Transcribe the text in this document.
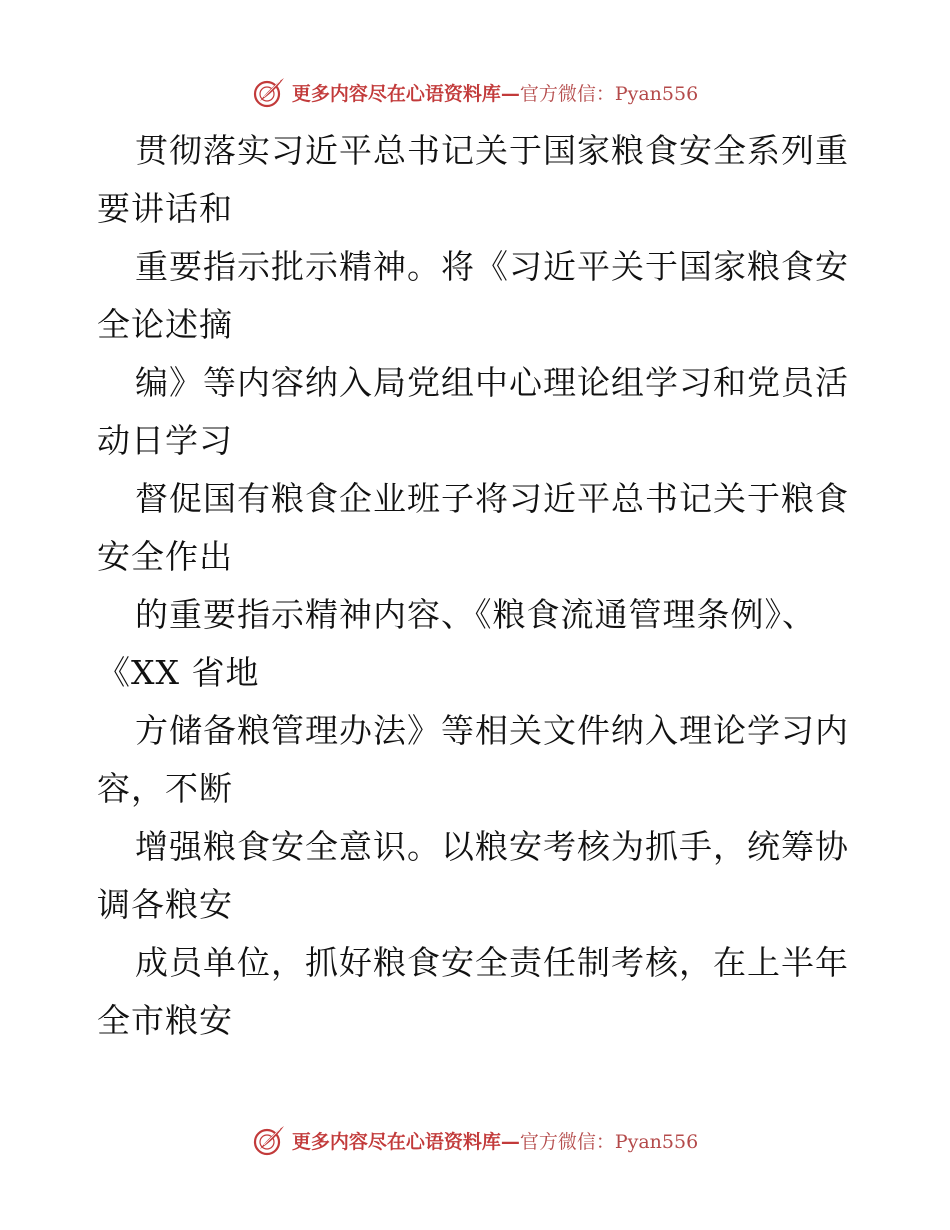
更多内容尽在心语资料库—官方微信：Pyan556
贯彻落实习近平总书记关于国家粮食安全系列重
要讲话和
重要指示批示精神。将《习近平关于国家粮食安
全论述摘
编》等内容纳入局党组中心理论组学习和党员活
动日学习
督促国有粮食企业班子将习近平总书记关于粮食
安全作出
的重要指示精神内容、《粮食流通管理条例》、
《XX 省地
方储备粮管理办法》等相关文件纳入理论学习内
容，不断
增强粮食安全意识。以粮安考核为抓手，统筹协
调各粮安
成员单位，抓好粮食安全责任制考核，在上半年
全市粮安
更多内容尽在心语资料库—官方微信：Pyan556
